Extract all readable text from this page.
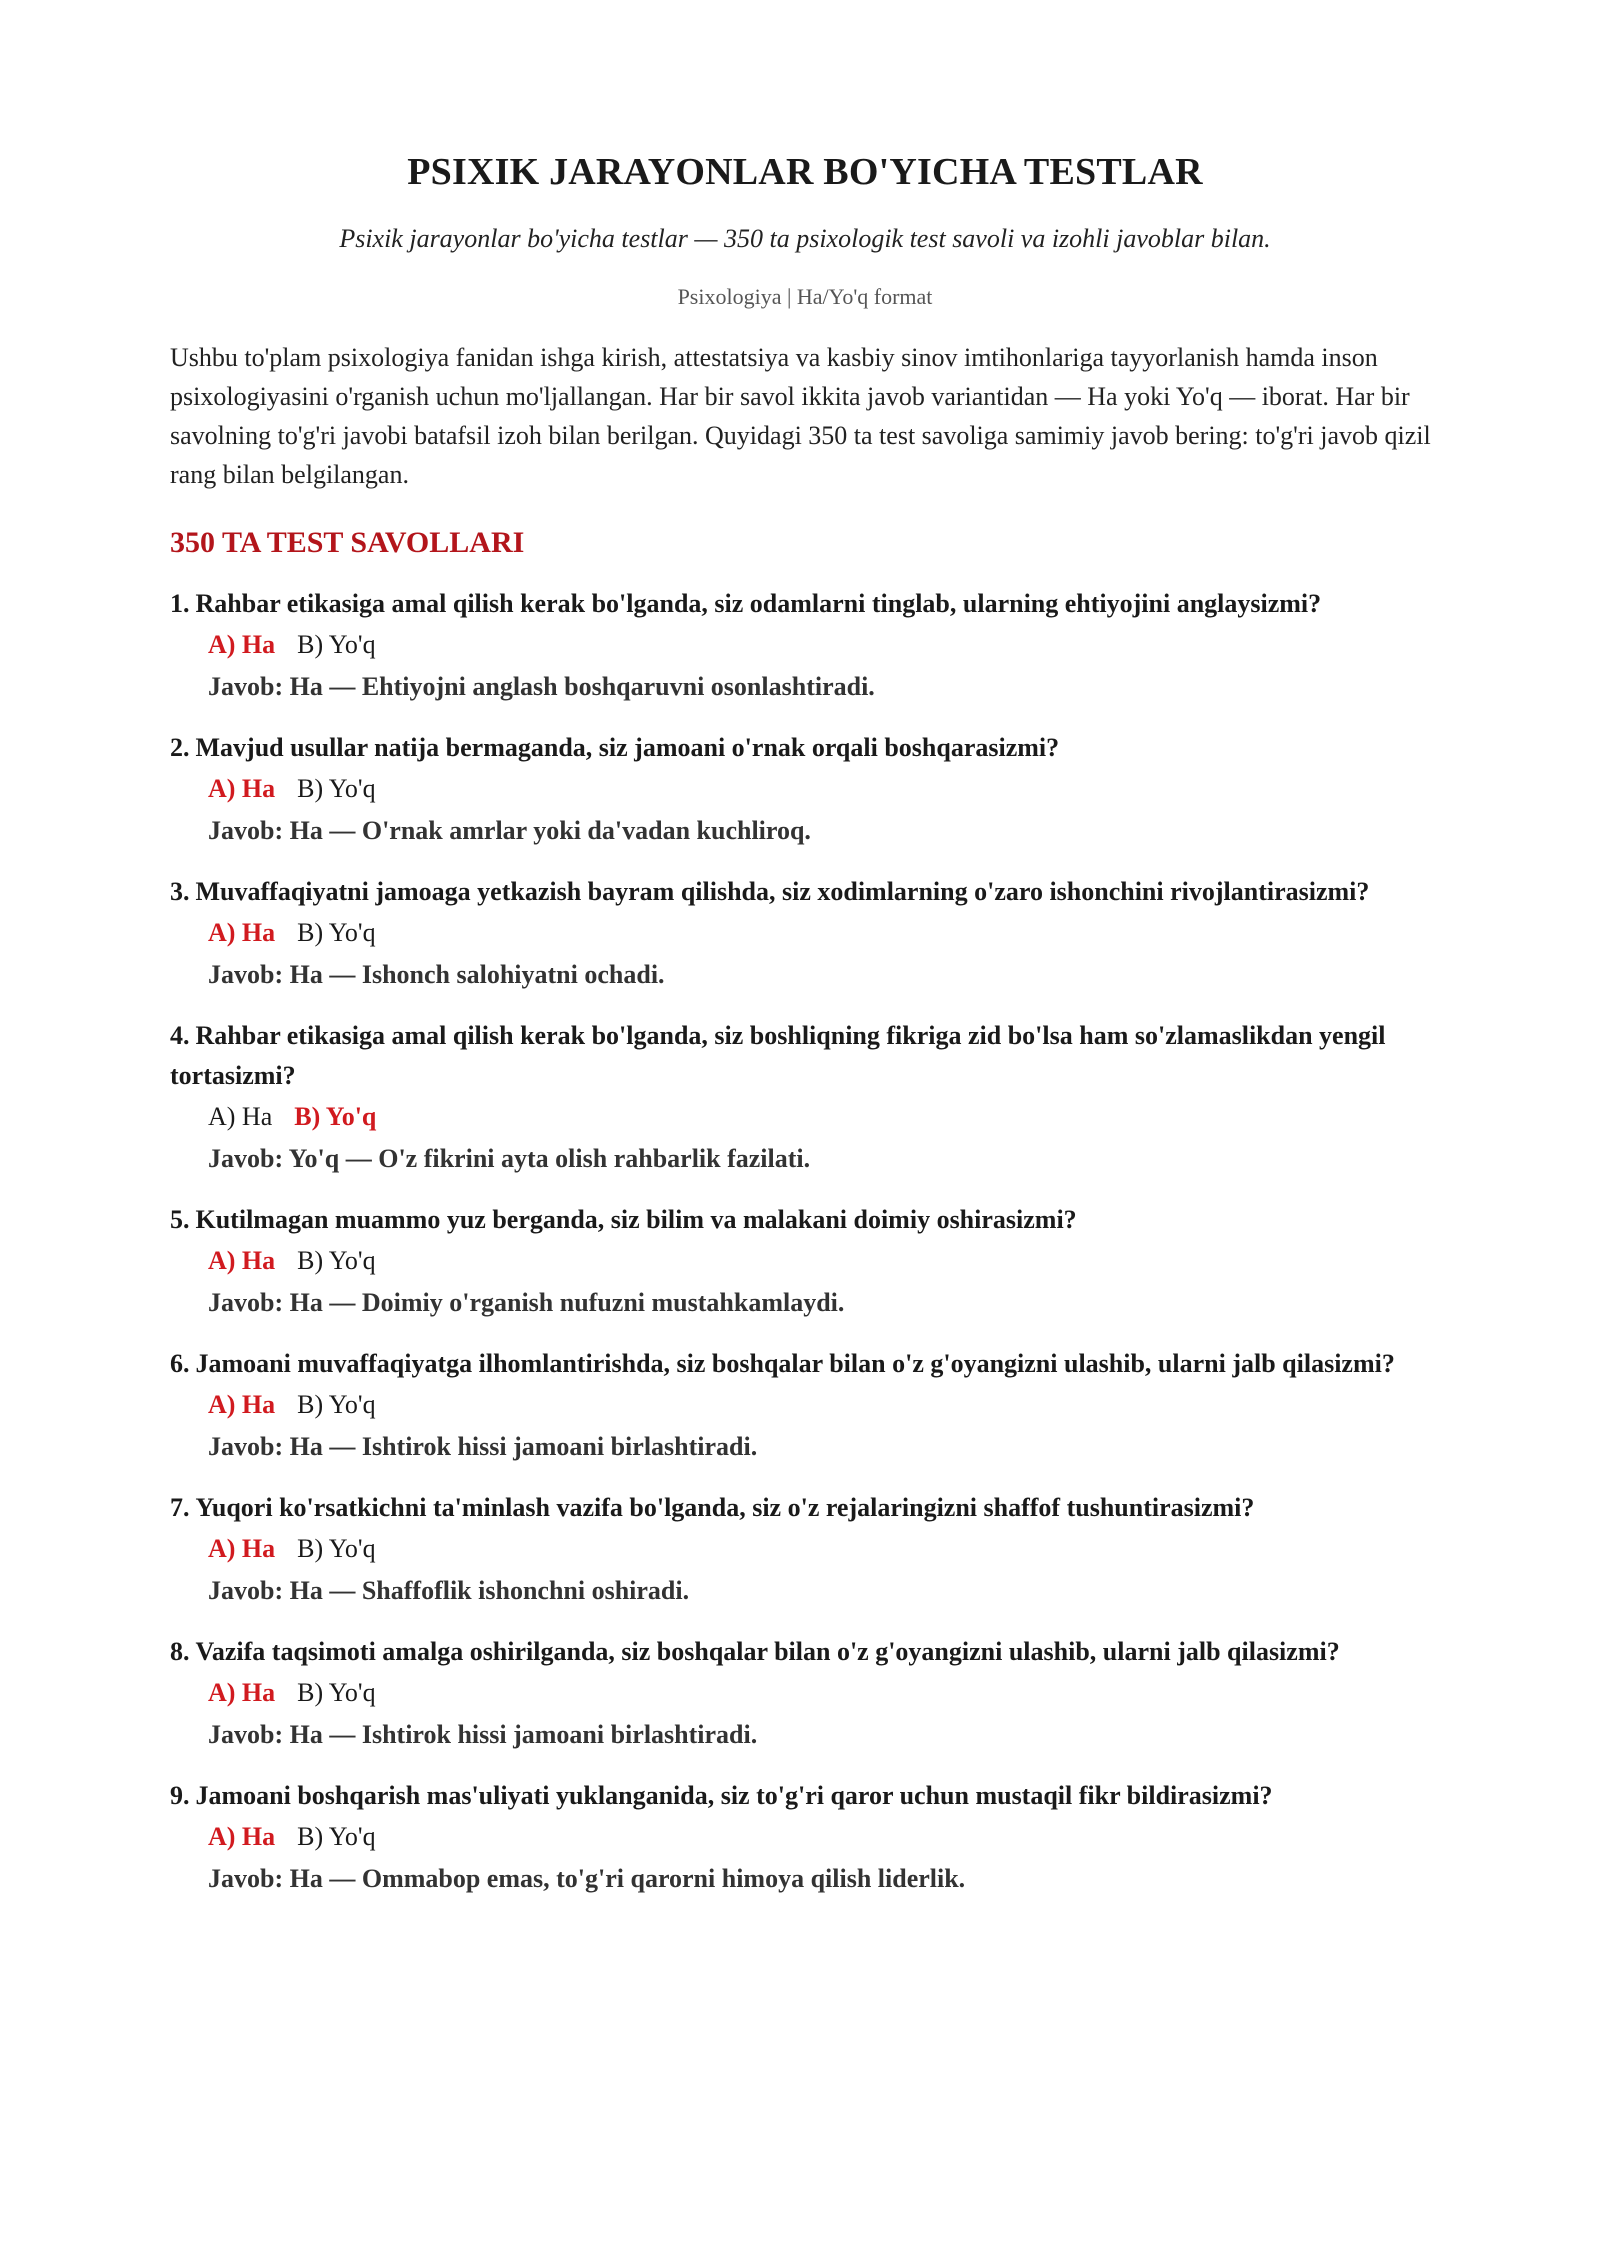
PSIXIK JARAYONLAR BO'YICHA TESTLAR
Psixik jarayonlar bo'yicha testlar — 350 ta psixologik test savoli va izohli javoblar bilan.
Psixologiya | Ha/Yo'q format
Ushbu to'plam psixologiya fanidan ishga kirish, attestatsiya va kasbiy sinov imtihonlariga tayyorlanish hamda inson psixologiyasini o'rganish uchun mo'ljallangan. Har bir savol ikkita javob variantidan — Ha yoki Yo'q — iborat. Har bir savolning to'g'ri javobi batafsil izoh bilan berilgan. Quyidagi 350 ta test savoliga samimiy javob bering: to'g'ri javob qizil rang bilan belgilangan.
350 TA TEST SAVOLLARI
1. Rahbar etikasiga amal qilish kerak bo'lganda, siz odamlarni tinglab, ularning ehtiyojini anglaysizmi?
A) Ha B) Yo'q
Javob: Ha — Ehtiyojni anglash boshqaruvni osonlashtiradi.
2. Mavjud usullar natija bermaganda, siz jamoani o'rnak orqali boshqarasizmi?
A) Ha B) Yo'q
Javob: Ha — O'rnak amrlar yoki da'vadan kuchliroq.
3. Muvaffaqiyatni jamoaga yetkazish bayram qilishda, siz xodimlarning o'zaro ishonchini rivojlantirasizmi?
A) Ha B) Yo'q
Javob: Ha — Ishonch salohiyatni ochadi.
4. Rahbar etikasiga amal qilish kerak bo'lganda, siz boshliqning fikriga zid bo'lsa ham so'zlamaslikdan yengil tortasizmi?
A) Ha B) Yo'q
Javob: Yo'q — O'z fikrini ayta olish rahbarlik fazilati.
5. Kutilmagan muammo yuz berganda, siz bilim va malakani doimiy oshirasizmi?
A) Ha B) Yo'q
Javob: Ha — Doimiy o'rganish nufuzni mustahkamlaydi.
6. Jamoani muvaffaqiyatga ilhomlantirishda, siz boshqalar bilan o'z g'oyangizni ulashib, ularni jalb qilasizmi?
A) Ha B) Yo'q
Javob: Ha — Ishtirok hissi jamoani birlashtiradi.
7. Yuqori ko'rsatkichni ta'minlash vazifa bo'lganda, siz o'z rejalaringizni shaffof tushuntirasizmi?
A) Ha B) Yo'q
Javob: Ha — Shaffoflik ishonchni oshiradi.
8. Vazifa taqsimoti amalga oshirilganda, siz boshqalar bilan o'z g'oyangizni ulashib, ularni jalb qilasizmi?
A) Ha B) Yo'q
Javob: Ha — Ishtirok hissi jamoani birlashtiradi.
9. Jamoani boshqarish mas'uliyati yuklanganida, siz to'g'ri qaror uchun mustaqil fikr bildirasizmi?
A) Ha B) Yo'q
Javob: Ha — Ommabop emas, to'g'ri qarorni himoya qilish liderlik.
